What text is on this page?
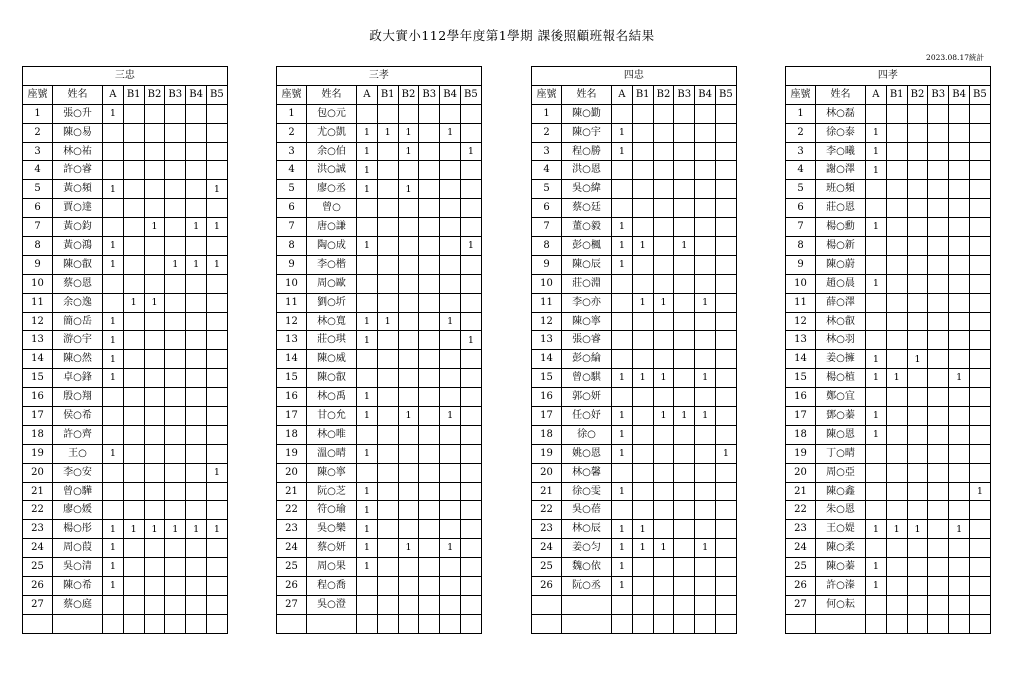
政大實小112學年度第1學期 課後照顧班報名結果
2023.08.17統計
三忠							
座號	姓名	A	B1	B2	B3	B4	B5
1	張○升	1					
2	陳○易						
3	林○祐						
4	許○睿						
5	黃○頻	1					1
6	賈○達						
7	黃○鈞			1		1	1
8	黃○鴻	1					
9	陳○叡	1			1	1	1
10	蔡○恩						
11	余○逸		1	1			
12	簡○岳	1					
13	游○宇	1					
14	陳○然	1					
15	卓○鋒	1					
16	殷○翔						
17	侯○希						
18	許○齊						
19	王○	1					
20	李○安						1
21	曾○驊						
22	廖○媛						
23	楊○彤	1	1	1	1	1	1
24	周○葭	1					
25	吳○清	1					
26	陳○希	1					
27	蔡○庭						

三孝							
座號	姓名	A	B1	B2	B3	B4	B5
1	包○元						
2	尤○凱	1	1	1		1	
3	余○伯	1		1			1
4	洪○誠	1					
5	廖○丞	1		1			
6	曾○						
7	唐○謙						
8	陶○成	1					1
9	李○楷						
10	周○歐						
11	劉○圻						
12	林○寬	1	1			1	
13	莊○琪	1					1
14	陳○威						
15	陳○叡						
16	林○禹	1					
17	甘○允	1		1		1	
18	林○唯						
19	溫○晴	1					
20	陳○寧						
21	阮○芝	1					
22	符○瑜	1					
23	吳○樂	1					
24	蔡○妍	1		1		1	
25	周○果	1					
26	程○喬						
27	吳○澄						

四忠							
座號	姓名	A	B1	B2	B3	B4	B5
1	陳○勤						
2	陳○宇	1					
3	程○勝	1					
4	洪○恩						
5	吳○緯						
6	蔡○廷						
7	董○毅	1					
8	彭○楓	1	1		1		
9	陳○辰	1					
10	莊○淵						
11	李○亦		1	1		1	
12	陳○寧						
13	張○睿						
14	彭○綸						
15	曾○騏	1	1	1		1	
16	郭○妍						
17	任○妤	1		1	1	1	
18	徐○	1					
19	姚○恩	1					1
20	林○馨						
21	徐○雯	1					
22	吳○蓓						
23	林○辰	1	1				
24	姜○匀	1	1	1		1	
25	魏○依	1					
26	阮○丞	1					

四孝							
座號	姓名	A	B1	B2	B3	B4	B5
1	林○磊						
2	徐○泰	1					
3	李○曦	1					
4	謝○澤	1					
5	班○頻						
6	莊○恩						
7	楊○勳	1					
8	楊○新						
9	陳○蔚						
10	趙○晨	1					
11	薛○澤						
12	林○叡						
13	林○羽						
14	姜○擁	1		1			
15	楊○植	1	1			1	
16	鄭○宜						
17	鄧○蓁	1					
18	陳○恩	1					
19	丁○晴						
20	周○亞						
21	陳○鑫						1
22	朱○恩						
23	王○媞	1	1	1		1	
24	陳○柔						
25	陳○蓁	1					
26	許○溱	1					
27	何○耘						
